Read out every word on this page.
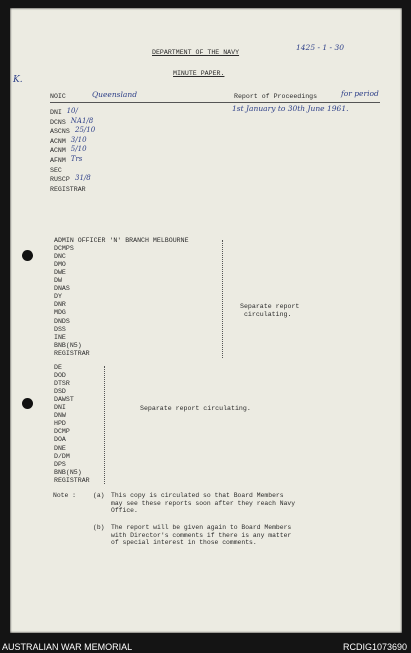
DEPARTMENT OF THE NAVY
MINUTE PAPER.
1425 - 1 - 30
K.
NOIC	Queensland	Report of Proceedings	for period
1st January to 30th June 1961.
DNI 10/
DCNS NA1/8
ASCNS 25/10
ACNM 3/10
ACNM 5/10
AFNM Trs
SEC
RUSCP 31/8
REGISTRAR
ADMIN OFFICER 'N' BRANCH MELBOURNE
DCMPS
DNC
DMO
DWE
DW
DNAS
DY
DNR
MDG
DNDS
DSS
INE
BNB(N5)
REGISTRAR
Separate report
circulating.
DE
DOD
DTSR
DSD
DAWST
DNI
DNW
HPD
DCMP
DOA
DNE
D/DM
DPS
BNB(N5)
REGISTRAR
Separate report circulating.
Note :	(a) This copy is circulated so that Board Members
may see these reports soon after they reach Navy
Office.
(b) The report will be given again to Board Members
with Director's comments if there is any matter
of special interest in those comments.
AUSTRALIAN WAR MEMORIAL	RCDIG1073690
